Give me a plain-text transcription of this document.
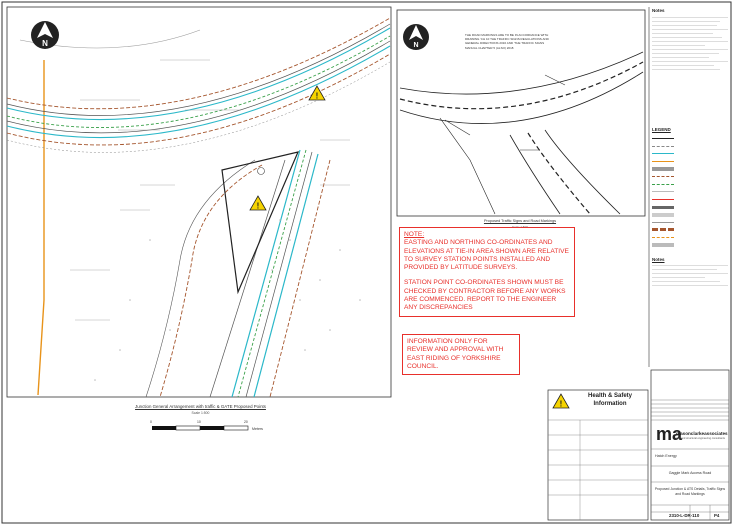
!
!
N	N
!
ma
Junction General Arrangement with traffic & GATE Proposed Points
Scale 1:500
0	10	20
Meters
THE ROAD MARKINGS ARE TO BE IN ACCORDANCE WITH
DRAWING 'CH 10 THE TRAFFIC SIGNS REGULATIONS AND
GENERAL DIRECTIONS 2016 AND 'THE TRAFFIC SIGNS
MANUAL CHAPTER 5 (ALSO) 2018
Proposed Traffic Signs and Road Markings
Scale 1:500
NOTE:
EASTING AND NORTHING CO-ORDINATES AND ELEVATIONS AT TIE-IN AREA SHOWN ARE RELATIVE TO SURVEY STATION POINTS INSTALLED AND PROVIDED BY LATITUDE SURVEYS.
STATION POINT CO-ORDINATES SHOWN MUST BE CHECKED BY CONTRACTOR BEFORE ANY WORKS ARE COMMENCED. REPORT TO THE ENGINEER ANY DISCREPANCIES
INFORMATION ONLY FOR REVIEW AND APPROVAL WITH EAST RIDING OF YORKSHIRE COUNCIL.
Notes
LEGEND
Notes
Health & Safety
Information
masonclarkeassociates
civil and structural engineering consultants
Hatch Energy
Gaggle Mark Access Road
Proposed Junction & ATS Details, Traffic Signs
and Road Markings
2310-L-DR-110	P4
